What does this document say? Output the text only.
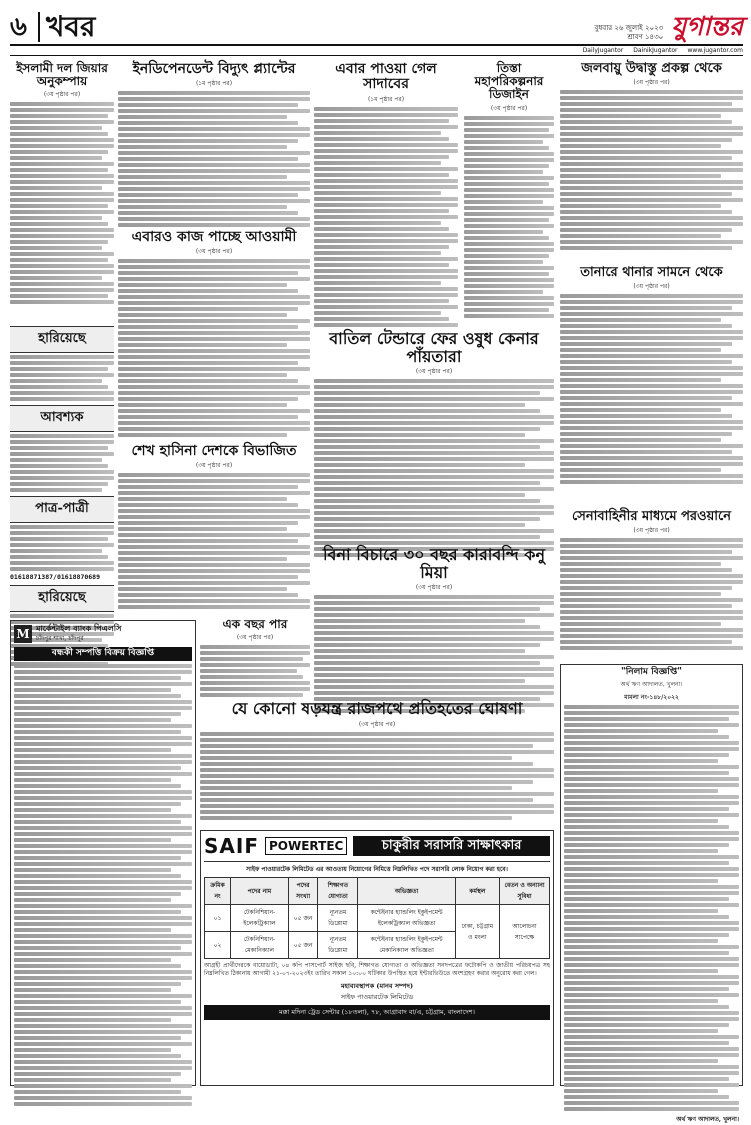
৬ খবর	বুধবার ২৬ জুলাই ২০২৩
শ্রাবণ ১৪৩০ যুগান্তর
DailyJugantor DainikJugantor www.jugantor.com
ইসলামী দল জিয়ার অনুকম্পায়
(৩য় পৃষ্ঠার পর)
হারিয়েছে
আবশ্যক
পাত্র-পাত্রী
01618871387/01618870689
হারিয়েছে
ইনডিপেনডেন্ট বিদ্যুৎ প্ল্যান্টের
(১ম পৃষ্ঠার পর)
এবারও কাজ পাচ্ছে আওয়ামী
(৩য় পৃষ্ঠার পর)
শেখ হাসিনা দেশকে বিভাজিত
(৩য় পৃষ্ঠার পর)
এবার পাওয়া গেল সাদাবের
(১ম পৃষ্ঠার পর)
তিস্তা মহাপরিকল্পনার ডিজাইন
(৩য় পৃষ্ঠার পর)
বাতিল টেন্ডারে ফের ওষুধ কেনার পাঁয়তারা
(৩য় পৃষ্ঠার পর)
বিনা বিচারে ৩০ বছর কারাবন্দি কনু মিয়া
(৩য় পৃষ্ঠার পর)
এক বছর পার
(৩য় পৃষ্ঠার পর)
যে কোনো ষড়যন্ত্র রাজপথে প্রতিহতের ঘোষণা
(৩য় পৃষ্ঠার পর)
জলবায়ু উদ্বাস্তু প্রকল্প থেকে
(৩য় পৃষ্ঠার পর)
তানারে থানার সামনে থেকে
(৩য় পৃষ্ঠার পর)
সেনাবাহিনীর মাধ্যমে পরওয়ানে
(৩য় পৃষ্ঠার পর)
"নিলাম বিজ্ঞপ্তি"
অর্থ ঋণ আদালত, খুলনা।
মামলা নং-১৪৮/২০২২
অর্থ ঋণ আদালত, খুলনা।
M মার্কেন্টাইল ব্যাংক পিএলসি
চাঁদপুর শাখা, চাঁদপুর
বন্ধকী সম্পত্তি বিক্রয় বিজ্ঞপ্তি
SAIF POWERTEC	চাকুরীর সরাসরি সাক্ষাৎকার
সাইফ পাওয়ারটেক লিমিটেড এর আওতায় নিয়োগের নিমিত্তে নিম্নলিখিত পদে সরাসরি লোক নিয়োগ করা হবে।
ক্রমিক নং	পদের নাম	পদের সংখ্যা	শিক্ষাগত যোগ্যতা	অভিজ্ঞতা	কর্মস্থল	বেতন ও অন্যান্য সুবিধা
০১	টেকনিশিয়ান-ইলেকট্রিক্যাল	০৫ জন	ন্যূনতম ডিপ্লোমা	কন্টেইনার হ্যান্ডলিং ইকুইপমেন্ট ইলেকট্রিক্যাল অভিজ্ঞতা	ঢাকা, চট্টগ্রাম ও মংলা	আলোচনা সাপেক্ষে
০২	টেকনিশিয়ান-মেকানিক্যাল	০৫ জন	ন্যূনতম ডিপ্লোমা	কন্টেইনার হ্যান্ডলিং ইকুইপমেন্ট মেকানিক্যাল অভিজ্ঞতা		
আগ্রহী প্রার্থীদেরকে বায়োডাটা, ০৪ কপি পাসপোর্ট সাইজ ছবি, শিক্ষাগত যোগ্যতা ও অভিজ্ঞতা সনদপত্রের ফটোকপি ও জাতীয় পরিচয়পত্র সহ নিম্নলিখিত ঠিকানায় আগামী ২১-০৭-২০২৩ইং তারিখ সকাল ১০:০০ ঘটিকার উপস্থিত হয়ে ইন্টারভিউতে অংশগ্রহণ করার অনুরোধ করা গেল।
মহাব্যবস্থাপক (মানব সম্পদ)
সাইফ পাওয়ারটেক লিমিটেড
মক্কা মদিনা ট্রেড সেন্টার (১৮তলা), ৭৮, আগ্রাবাদ বা/এ, চট্টগ্রাম, বাংলাদেশ।
